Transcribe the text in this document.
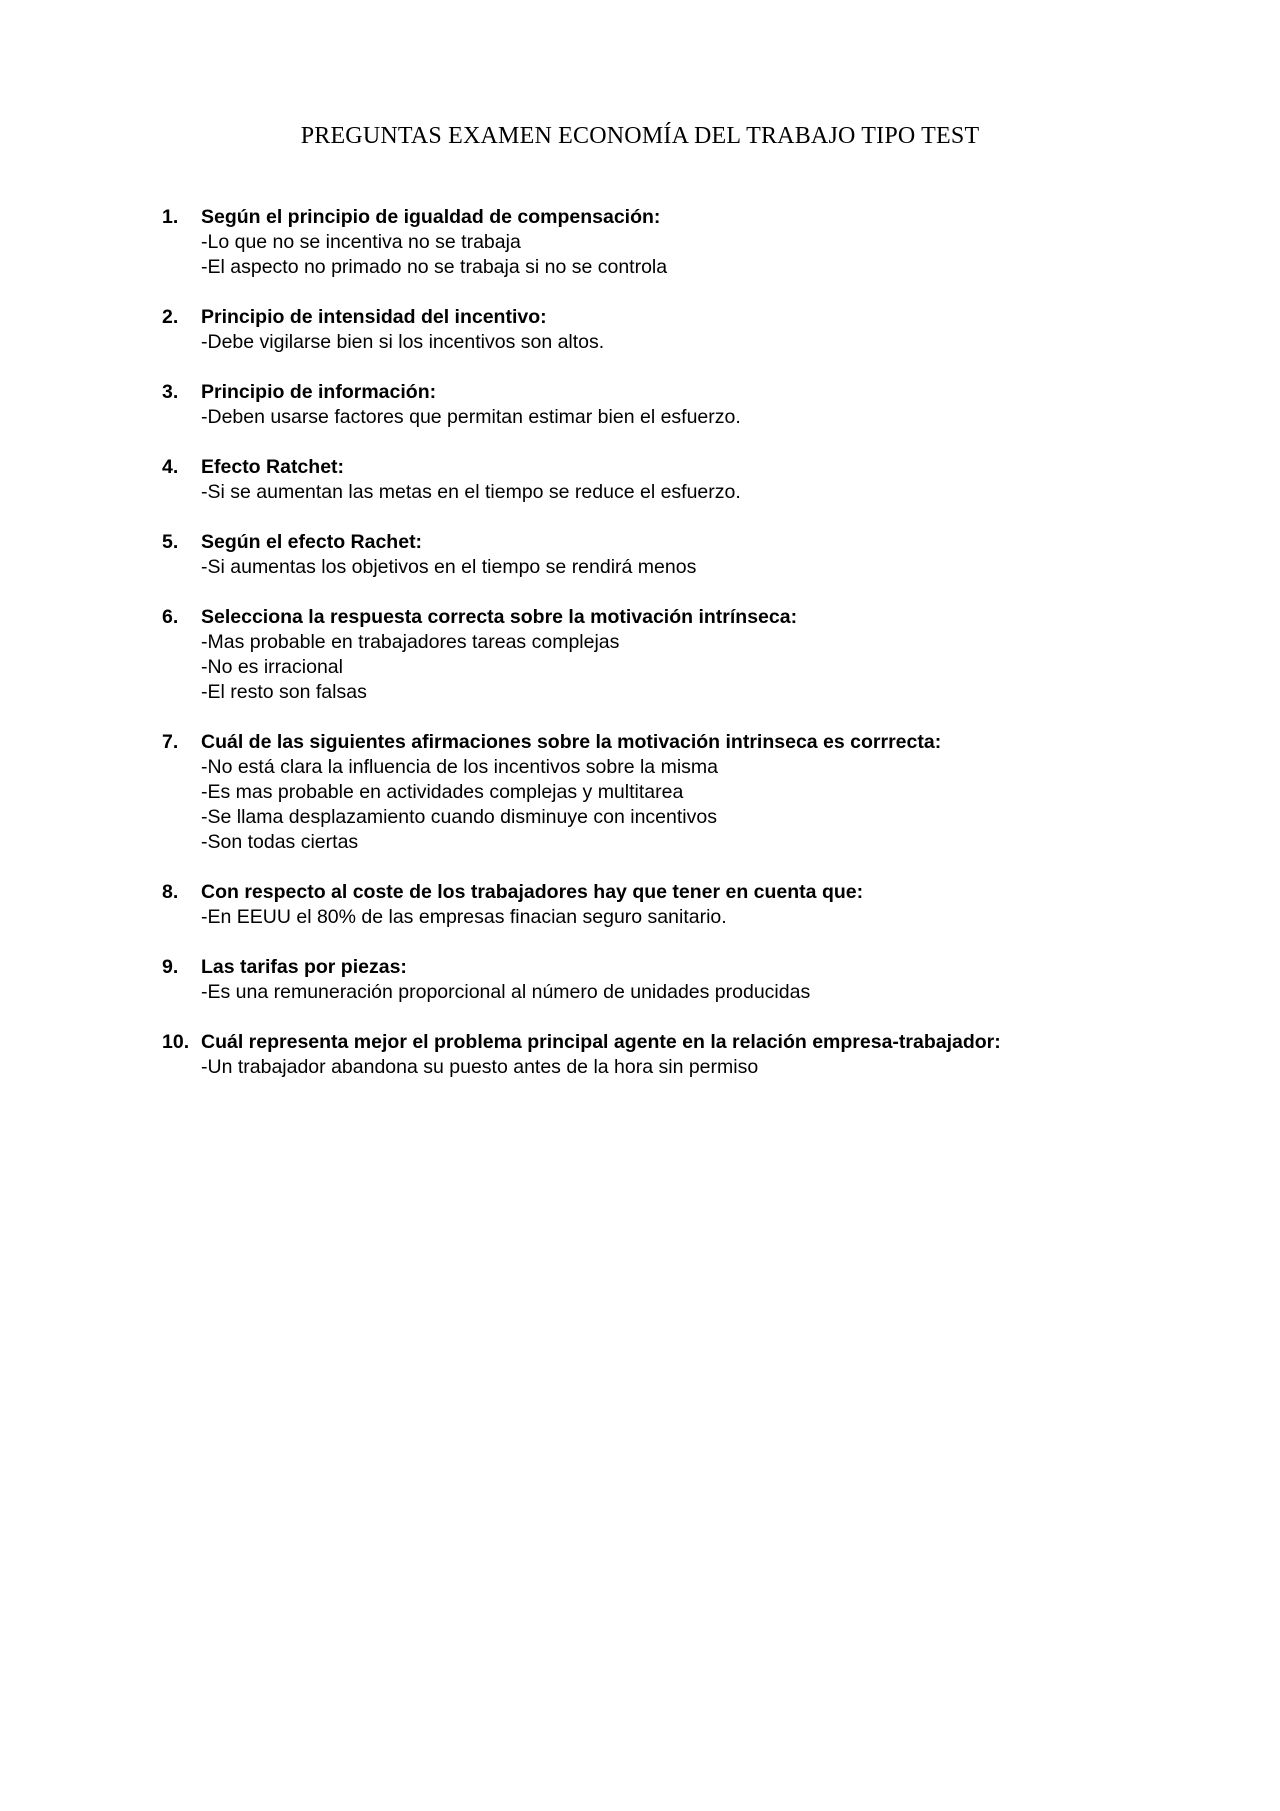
PREGUNTAS EXAMEN ECONOMÍA DEL TRABAJO TIPO TEST
1. Según el principio de igualdad de compensación:
-Lo que no se incentiva no se trabaja
-El aspecto no primado no se trabaja si no se controla
2. Principio de intensidad del incentivo:
-Debe vigilarse bien si los incentivos son altos.
3. Principio de información:
-Deben usarse factores que permitan estimar bien el esfuerzo.
4. Efecto Ratchet:
-Si se aumentan las metas en el tiempo se reduce el esfuerzo.
5. Según el efecto Rachet:
-Si aumentas los objetivos en el tiempo se rendirá menos
6. Selecciona la respuesta correcta sobre la motivación intrínseca:
-Mas probable en trabajadores tareas complejas
-No es irracional
-El resto son falsas
7. Cuál de las siguientes afirmaciones sobre la motivación intrinseca es corrrecta:
-No está clara la influencia de los incentivos sobre la misma
-Es mas probable en actividades complejas y multitarea
-Se llama desplazamiento cuando disminuye con incentivos
-Son todas ciertas
8. Con respecto al coste de los trabajadores hay que tener en cuenta que:
-En EEUU el 80% de las empresas finacian seguro sanitario.
9. Las tarifas por piezas:
-Es una remuneración proporcional al número de unidades producidas
10. Cuál representa mejor el problema principal agente en la relación empresa-trabajador:
-Un trabajador abandona su puesto antes de la hora sin permiso
